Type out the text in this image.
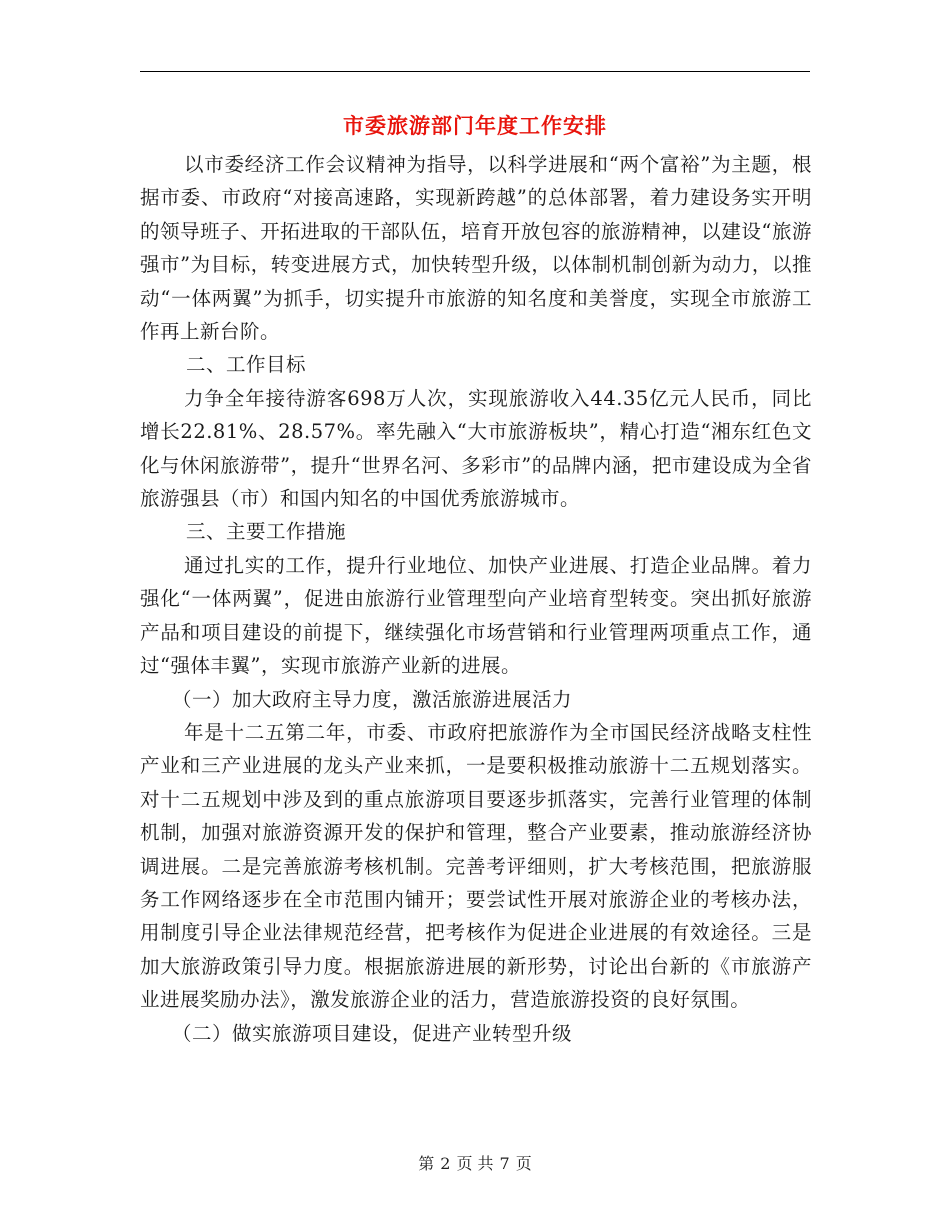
市委旅游部门年度工作安排

以市委经济工作会议精神为指导，以科学进展和“两个富裕”为主题，根据市委、市政府“对接高速路，实现新跨越”的总体部署，着力建设务实开明的领导班子、开拓进取的干部队伍，培育开放包容的旅游精神，以建设“旅游强市”为目标，转变进展方式，加快转型升级，以体制机制创新为动力，以推动“一体两翼”为抓手，切实提升市旅游的知名度和美誉度，实现全市旅游工作再上新台阶。

二、工作目标

力争全年接待游客698万人次，实现旅游收入44.35亿元人民币，同比增长22.81%、28.57%。率先融入“大市旅游板块”，精心打造“湘东红色文化与休闲旅游带”，提升“世界名河、多彩市”的品牌内涵，把市建设成为全省旅游强县（市）和国内知名的中国优秀旅游城市。

三、主要工作措施

通过扎实的工作，提升行业地位、加快产业进展、打造企业品牌。着力强化“一体两翼”，促进由旅游行业管理型向产业培育型转变。突出抓好旅游产品和项目建设的前提下，继续强化市场营销和行业管理两项重点工作，通过“强体丰翼”，实现市旅游产业新的进展。

（一）加大政府主导力度，激活旅游进展活力

年是十二五第二年，市委、市政府把旅游作为全市国民经济战略支柱性产业和三产业进展的龙头产业来抓，一是要积极推动旅游十二五规划落实。对十二五规划中涉及到的重点旅游项目要逐步抓落实，完善行业管理的体制机制，加强对旅游资源开发的保护和管理，整合产业要素，推动旅游经济协调进展。二是完善旅游考核机制。完善考评细则，扩大考核范围，把旅游服务工作网络逐步在全市范围内铺开；要尝试性开展对旅游企业的考核办法，用制度引导企业法律规范经营，把考核作为促进企业进展的有效途径。三是加大旅游政策引导力度。根据旅游进展的新形势，讨论出台新的《市旅游产业进展奖励办法》，激发旅游企业的活力，营造旅游投资的良好氛围。

（二）做实旅游项目建设，促进产业转型升级

第 2 页 共 7 页
